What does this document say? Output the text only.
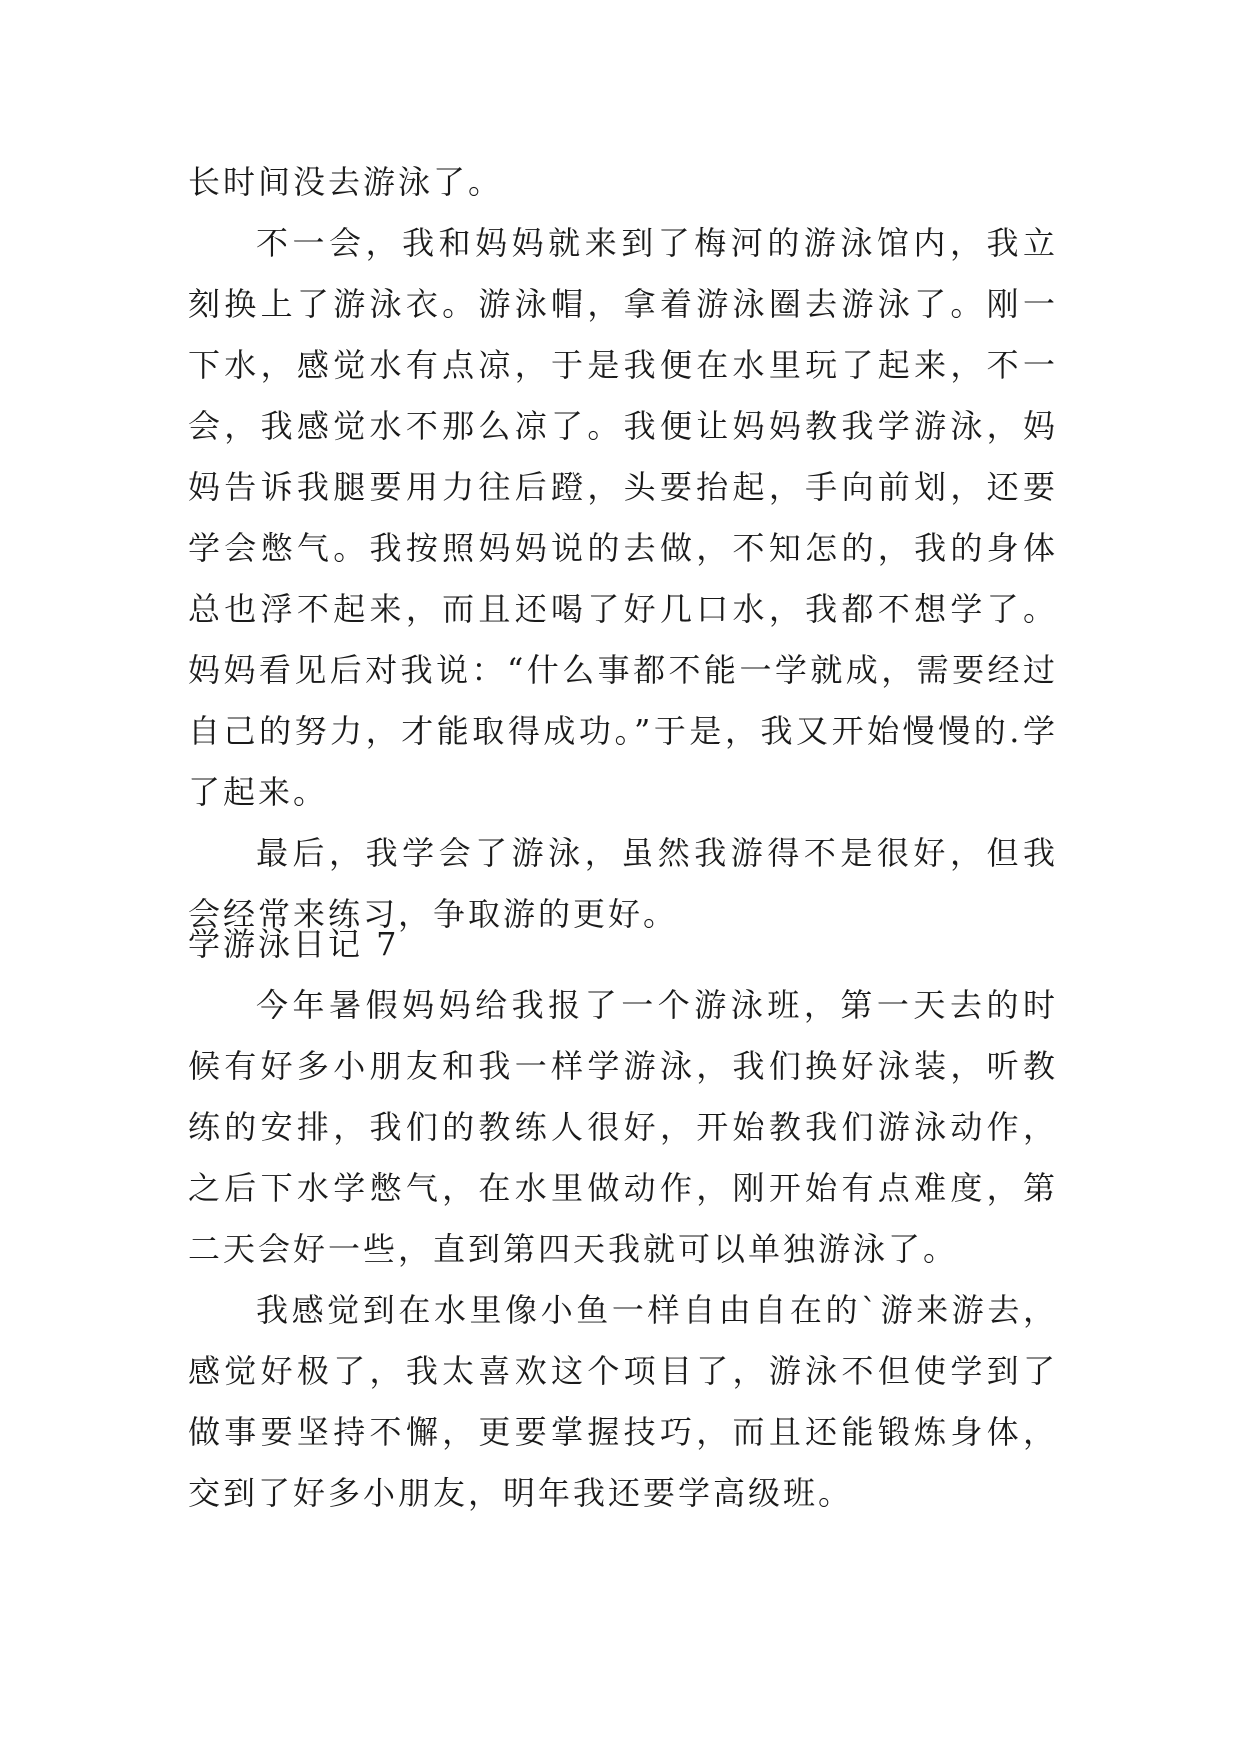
长时间没去游泳了。

不一会，我和妈妈就来到了梅河的游泳馆内，我立刻换上了游泳衣。游泳帽，拿着游泳圈去游泳了。刚一下水，感觉水有点凉，于是我便在水里玩了起来，不一会，我感觉水不那么凉了。我便让妈妈教我学游泳，妈妈告诉我腿要用力往后蹬，头要抬起，手向前划，还要学会憋气。我按照妈妈说的去做，不知怎的，我的身体总也浮不起来，而且还喝了好几口水，我都不想学了。妈妈看见后对我说：“什么事都不能一学就成，需要经过自己的努力，才能取得成功。”于是，我又开始慢慢的.学了起来。

最后，我学会了游泳，虽然我游得不是很好，但我会经常来练习，争取游的更好。

学游泳日记 7

今年暑假妈妈给我报了一个游泳班，第一天去的时候有好多小朋友和我一样学游泳，我们换好泳装，听教练的安排，我们的教练人很好，开始教我们游泳动作，之后下水学憋气，在水里做动作，刚开始有点难度，第二天会好一些，直到第四天我就可以单独游泳了。

我感觉到在水里像小鱼一样自由自在的`游来游去，感觉好极了，我太喜欢这个项目了，游泳不但使学到了做事要坚持不懈，更要掌握技巧，而且还能锻炼身体，交到了好多小朋友，明年我还要学高级班。
